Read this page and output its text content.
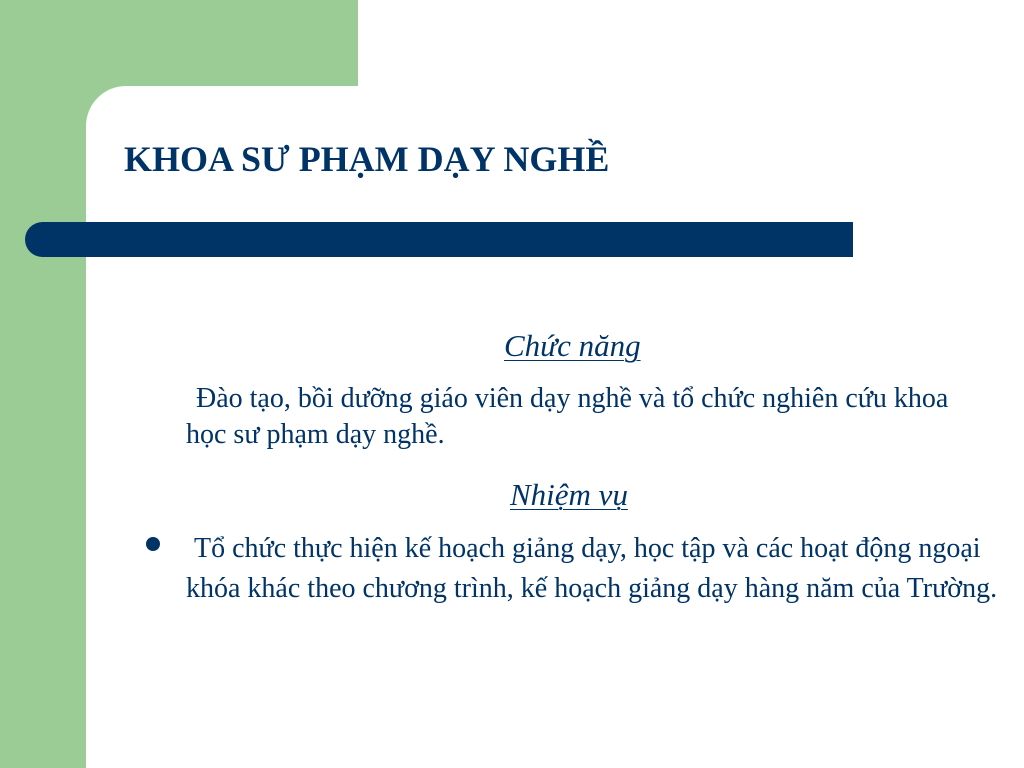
KHOA SƯ PHẠM DẠY NGHỀ
Chức năng
Đào tạo, bồi dưỡng giáo viên dạy nghề và tổ chức nghiên cứu khoa học sư phạm dạy nghề.
Nhiệm vụ
Tổ chức thực hiện kế hoạch giảng dạy, học tập và các hoạt động ngoại khóa khác theo chương trình, kế hoạch giảng dạy hàng năm của Trường.
